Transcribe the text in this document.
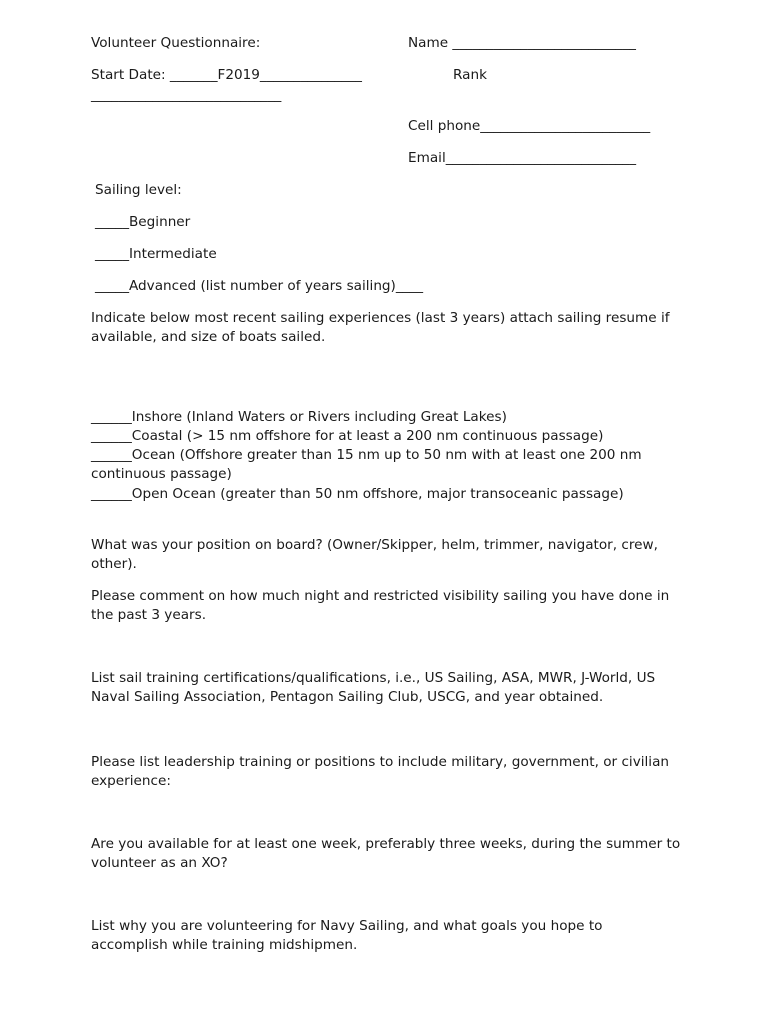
Volunteer Questionnaire:	Name ___________________________
Start Date: _______F2019_______________	Rank
____________________________
Cell phone_________________________
Email____________________________
Sailing level:
_____Beginner
_____Intermediate
_____Advanced (list number of years sailing)____
Indicate below most recent sailing experiences (last 3 years) attach sailing resume if available, and size of boats sailed.
______Inshore (Inland Waters or Rivers including Great Lakes)
______Coastal (> 15 nm offshore for at least a 200 nm continuous passage)
______Ocean (Offshore greater than 15 nm up to 50 nm with at least one 200 nm continuous passage)
______Open Ocean (greater than 50 nm offshore, major transoceanic passage)
What was your position on board? (Owner/Skipper, helm, trimmer, navigator, crew, other).
Please comment on how much night and restricted visibility sailing you have done in the past 3 years.
List sail training certifications/qualifications, i.e., US Sailing, ASA, MWR, J-World, US Naval Sailing Association, Pentagon Sailing Club, USCG, and year obtained.
Please list leadership training or positions to include military, government, or civilian experience:
Are you available for at least one week, preferably three weeks, during the summer to volunteer as an XO?
List why you are volunteering for Navy Sailing, and what goals you hope to accomplish while training midshipmen.
